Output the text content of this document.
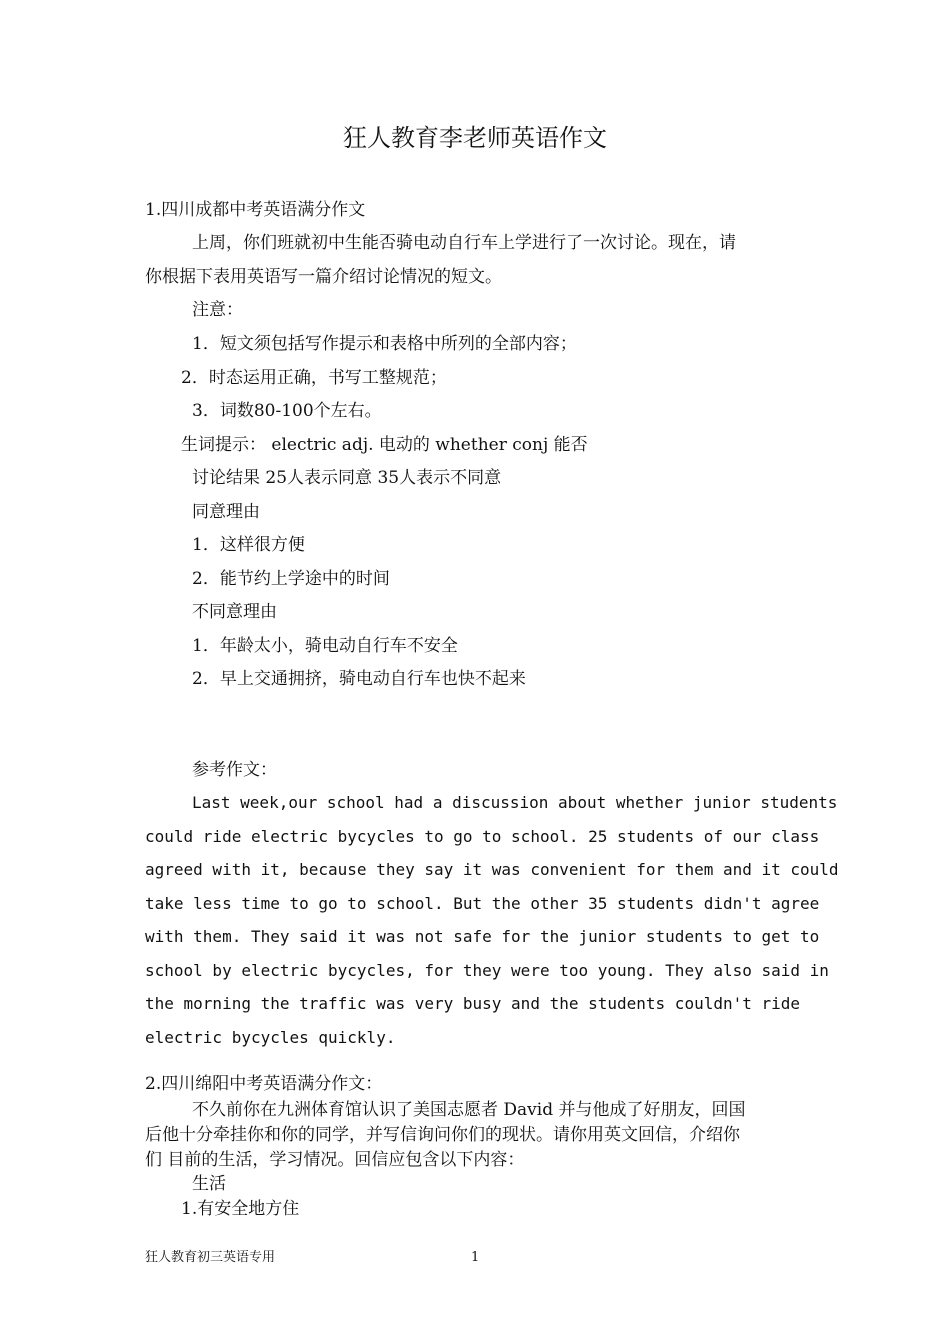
狂人教育李老师英语作文
1.四川成都中考英语满分作文
上周，你们班就初中生能否骑电动自行车上学进行了一次讨论。现在，请
你根据下表用英语写一篇介绍讨论情况的短文。
注意：
1．短文须包括写作提示和表格中所列的全部内容；
2．时态运用正确，书写工整规范；
3．词数80-100个左右。
生词提示： electric adj. 电动的 whether conj 能否
讨论结果 25人表示同意 35人表示不同意
同意理由
1．这样很方便
2．能节约上学途中的时间
不同意理由
1．年龄太小，骑电动自行车不安全
2．早上交通拥挤，骑电动自行车也快不起来
参考作文：
Last week,our school had a discussion about whether junior students
could ride electric bycycles to go to school. 25 students of our class
agreed with it, because they say it was convenient for them and it could
take less time to go to school. But the other 35 students didn't agree
with them. They said it was not safe for the junior students to get to
school by electric bycycles, for they were too young. They also said in
the morning the traffic was very busy and the students couldn't ride
electric bycycles quickly.
2.四川绵阳中考英语满分作文：
不久前你在九洲体育馆认识了美国志愿者 David 并与他成了好朋友，回国
后他十分牵挂你和你的同学，并写信询问你们的现状。请你用英文回信，介绍你
们 目前的生活，学习情况。回信应包含以下内容：
生活
1.有安全地方住
狂人教育初三英语专用	1
